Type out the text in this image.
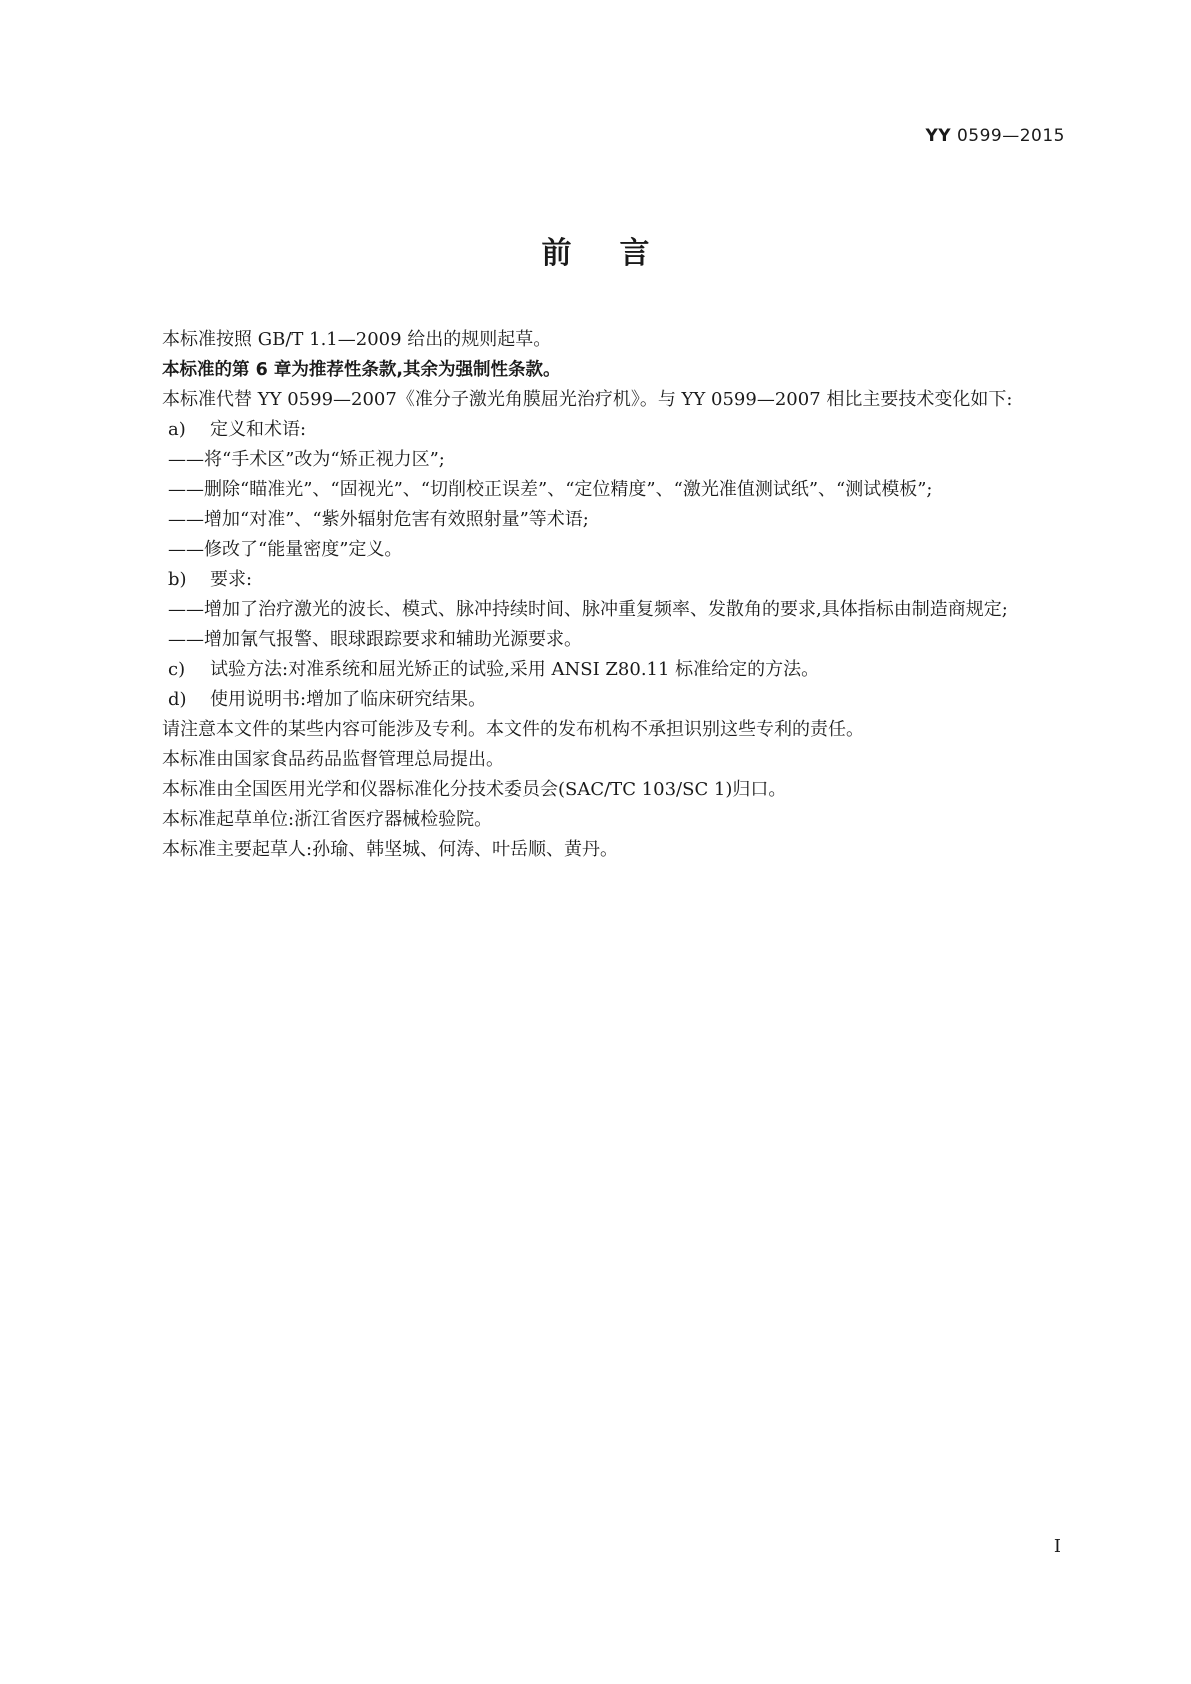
YY 0599—2015
前言

本标准按照 GB/T 1.1—2009 给出的规则起草。

本标准的第 6 章为推荐性条款,其余为强制性条款。

本标准代替 YY 0599—2007《准分子激光角膜屈光治疗机》。与 YY 0599—2007 相比主要技术变化如下:

a) 定义和术语:

——将“手术区”改为“矫正视力区”;

——删除“瞄准光”、“固视光”、“切削校正误差”、“定位精度”、“激光准值测试纸”、“测试模板”;

——增加“对准”、“紫外辐射危害有效照射量”等术语;

——修改了“能量密度”定义。

b) 要求:

——增加了治疗激光的波长、模式、脉冲持续时间、脉冲重复频率、发散角的要求,具体指标由制造商规定;

——增加氰气报警、眼球跟踪要求和辅助光源要求。

c) 试验方法:对准系统和屈光矫正的试验,采用 ANSI Z80.11 标准给定的方法。

d) 使用说明书:增加了临床研究结果。

请注意本文件的某些内容可能涉及专利。本文件的发布机构不承担识别这些专利的责任。

本标准由国家食品药品监督管理总局提出。

本标准由全国医用光学和仪器标准化分技术委员会(SAC/TC 103/SC 1)归口。

本标准起草单位:浙江省医疗器械检验院。

本标准主要起草人:孙瑜、韩坚城、何涛、叶岳顺、黄丹。

I
